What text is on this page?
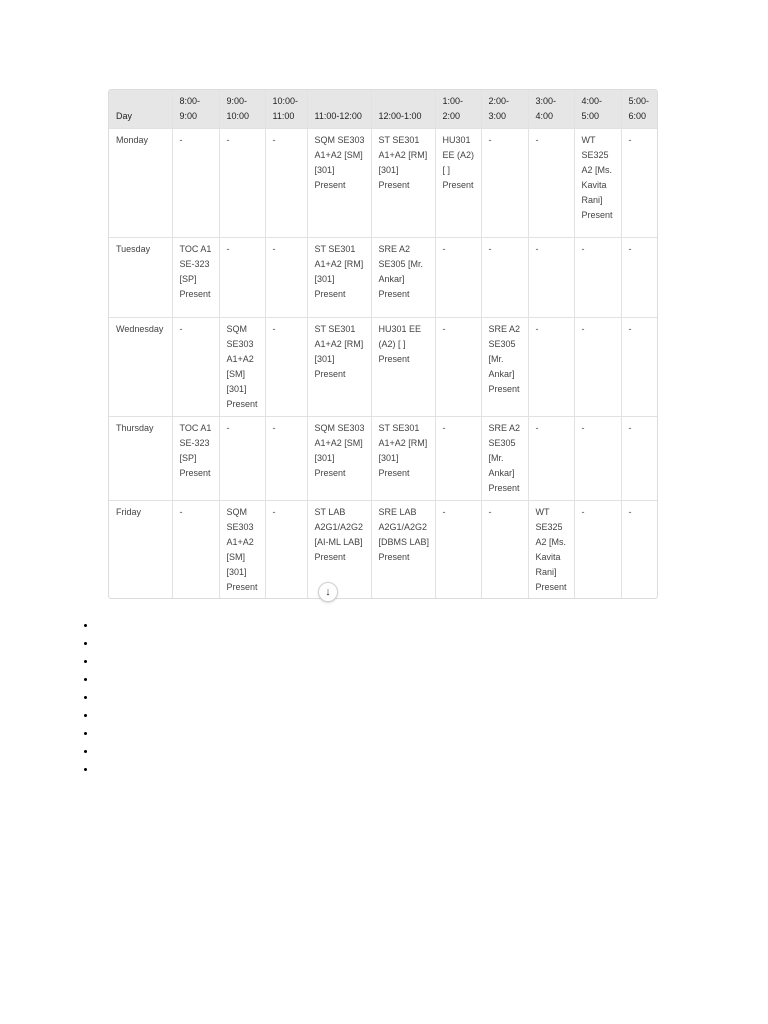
Day	8:00-9:00	9:00-10:00	10:00-11:00	11:00-12:00	12:00-1:00	1:00-2:00	2:00-3:00	3:00-4:00	4:00-5:00	5:00-6:00
Monday	-	-	-	SQM SE303 A1+A2 [SM][301] Present	ST SE301 A1+A2 [RM][301] Present	HU301 EE (A2) [ ] Present	-	-	WT SE325 A2 [Ms. Kavita Rani] Present	-
Tuesday	TOC A1 SE-323 [SP] Present	-	-	ST SE301 A1+A2 [RM][301] Present	SRE A2 SE305 [Mr. Ankar] Present	-	-	-	-	-
Wednesday	-	SQM SE303 A1+A2 [SM] [301] Present	-	ST SE301 A1+A2 [RM][301] Present	HU301 EE (A2) [ ] Present	-	SRE A2 SE305 [Mr. Ankar] Present	-	-	-
Thursday	TOC A1 SE-323 [SP] Present	-	-	SQM SE303 A1+A2 [SM][301] Present	ST SE301 A1+A2 [RM][301] Present	-	SRE A2 SE305 [Mr. Ankar] Present	-	-	-
Friday	-	SQM SE303 A1+A2 [SM] [301] Present	-	ST LAB A2G1/A2G2 [AI-ML LAB] Present	SRE LAB A2G1/A2G2 [DBMS LAB] Present	-	-	WT SE325 A2 [Ms. Kavita Rani] Present	-	-
↓
